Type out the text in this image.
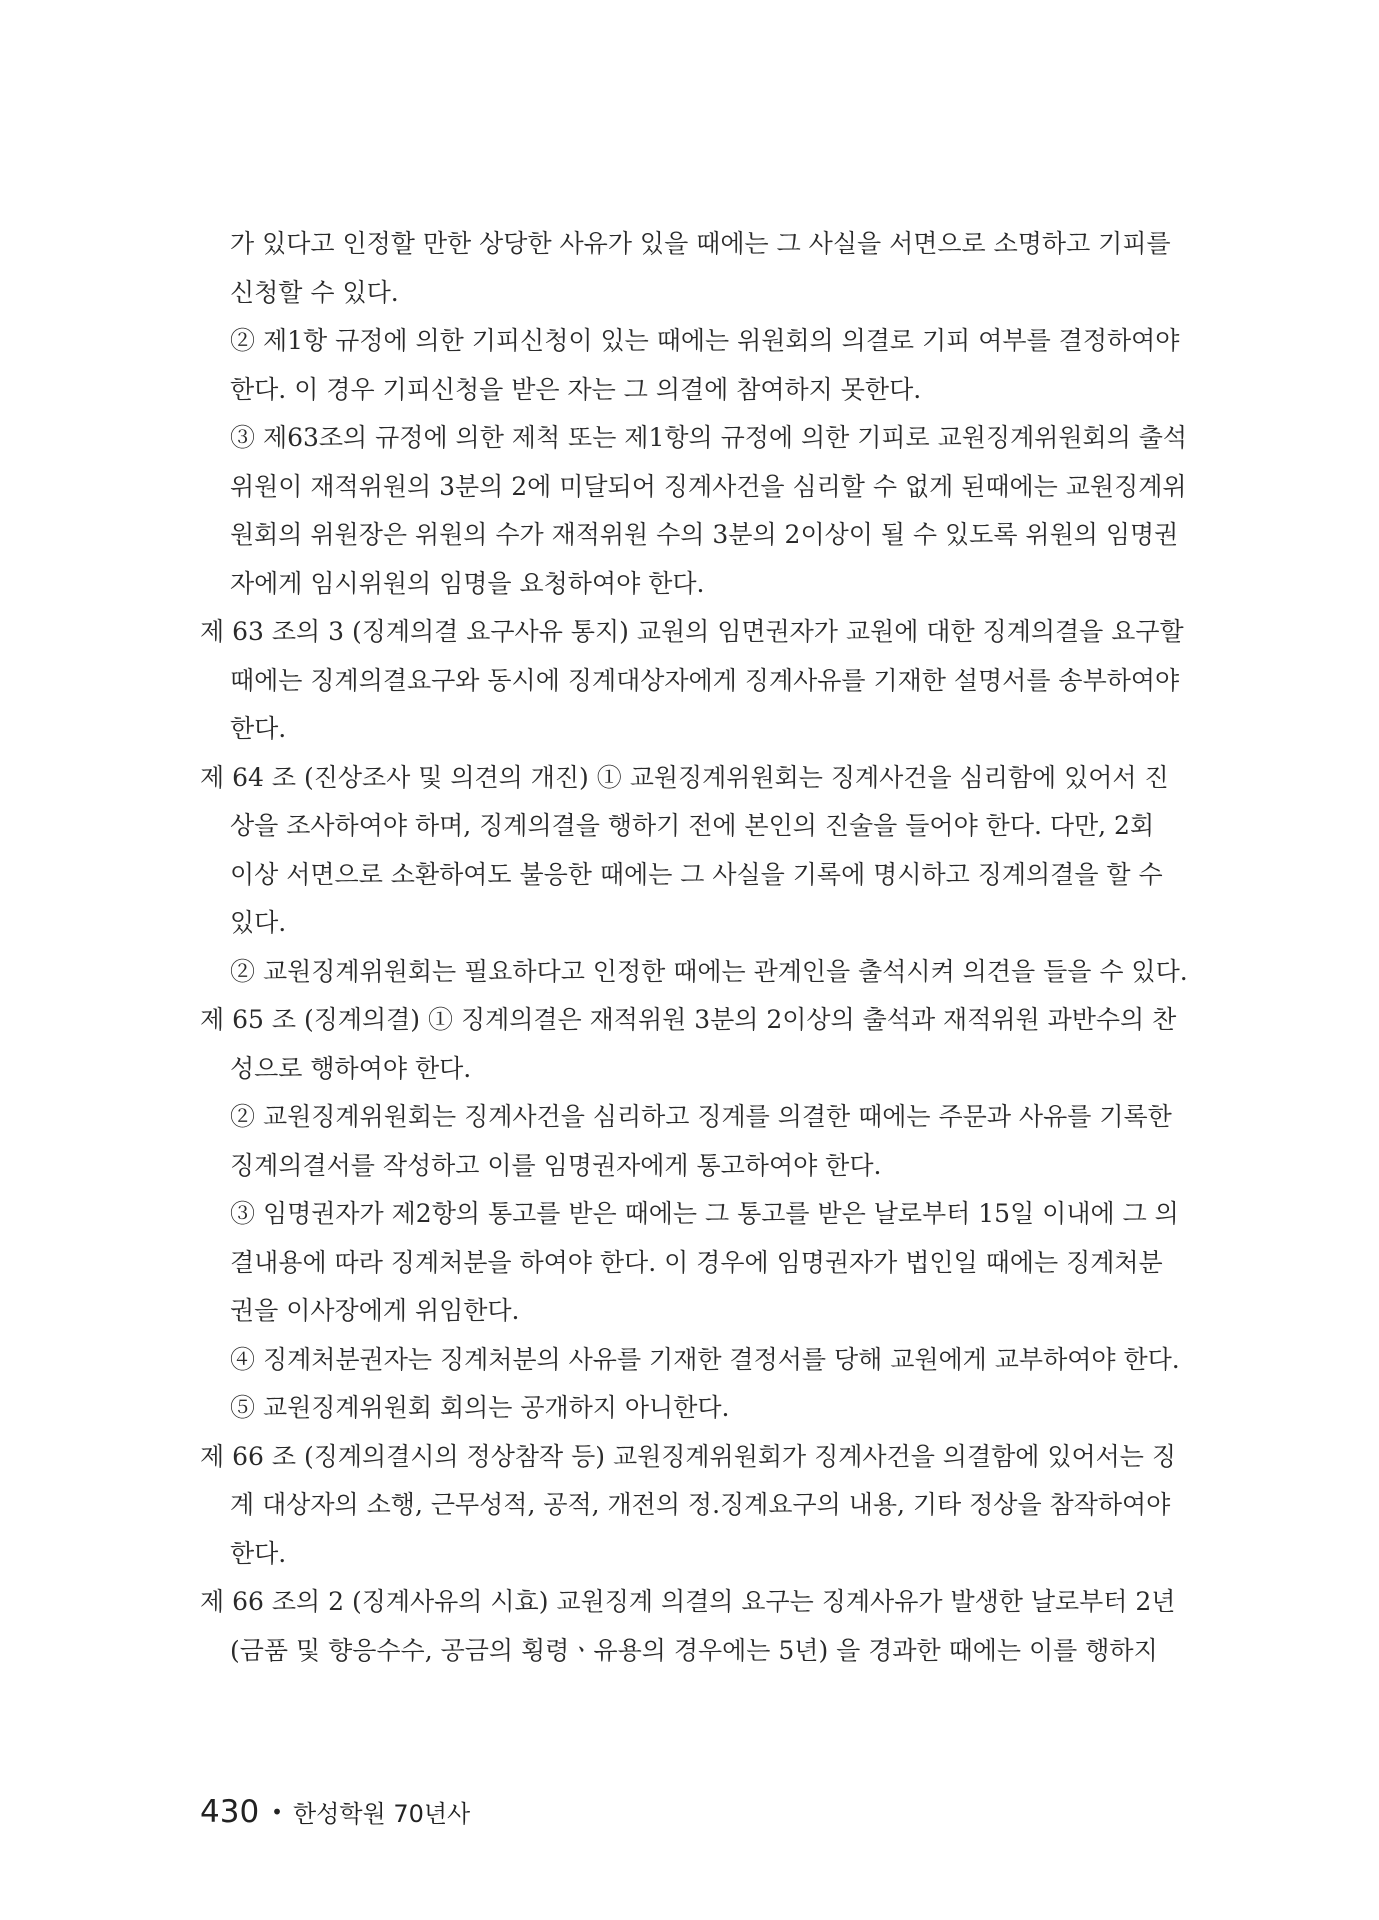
가 있다고 인정할 만한 상당한 사유가 있을 때에는 그 사실을 서면으로 소명하고 기피를
신청할 수 있다.
② 제1항 규정에 의한 기피신청이 있는 때에는 위원회의 의결로 기피 여부를 결정하여야
한다. 이 경우 기피신청을 받은 자는 그 의결에 참여하지 못한다.
③ 제63조의 규정에 의한 제척 또는 제1항의 규정에 의한 기피로 교원징계위원회의 출석
위원이 재적위원의 3분의 2에 미달되어 징계사건을 심리할 수 없게 된때에는 교원징계위
원회의 위원장은 위원의 수가 재적위원 수의 3분의 2이상이 될 수 있도록 위원의 임명권
자에게 임시위원의 임명을 요청하여야 한다.
제 63 조의 3 (징계의결 요구사유 통지) 교원의 임면권자가 교원에 대한 징계의결을 요구할
때에는 징계의결요구와 동시에 징계대상자에게 징계사유를 기재한 설명서를 송부하여야
한다.
제 64 조 (진상조사 및 의견의 개진) ① 교원징계위원회는 징계사건을 심리함에 있어서 진
상을 조사하여야 하며, 징계의결을 행하기 전에 본인의 진술을 들어야 한다. 다만, 2회
이상 서면으로 소환하여도 불응한 때에는 그 사실을 기록에 명시하고 징계의결을 할 수
있다.
② 교원징계위원회는 필요하다고 인정한 때에는 관계인을 출석시켜 의견을 들을 수 있다.
제 65 조 (징계의결) ① 징계의결은 재적위원 3분의 2이상의 출석과 재적위원 과반수의 찬
성으로 행하여야 한다.
② 교원징계위원회는 징계사건을 심리하고 징계를 의결한 때에는 주문과 사유를 기록한
징계의결서를 작성하고 이를 임명권자에게 통고하여야 한다.
③ 임명권자가 제2항의 통고를 받은 때에는 그 통고를 받은 날로부터 15일 이내에 그 의
결내용에 따라 징계처분을 하여야 한다. 이 경우에 임명권자가 법인일 때에는 징계처분
권을 이사장에게 위임한다.
④ 징계처분권자는 징계처분의 사유를 기재한 결정서를 당해 교원에게 교부하여야 한다.
⑤ 교원징계위원회 회의는 공개하지 아니한다.
제 66 조 (징계의결시의 정상참작 등) 교원징계위원회가 징계사건을 의결함에 있어서는 징
계 대상자의 소행, 근무성적, 공적, 개전의 정.징계요구의 내용, 기타 정상을 참작하여야
한다.
제 66 조의 2 (징계사유의 시효) 교원징계 의결의 요구는 징계사유가 발생한 날로부터 2년
(금품 및 향응수수, 공금의 횡령ㆍ유용의 경우에는 5년) 을 경과한 때에는 이를 행하지
430 • 한성학원 70년사
